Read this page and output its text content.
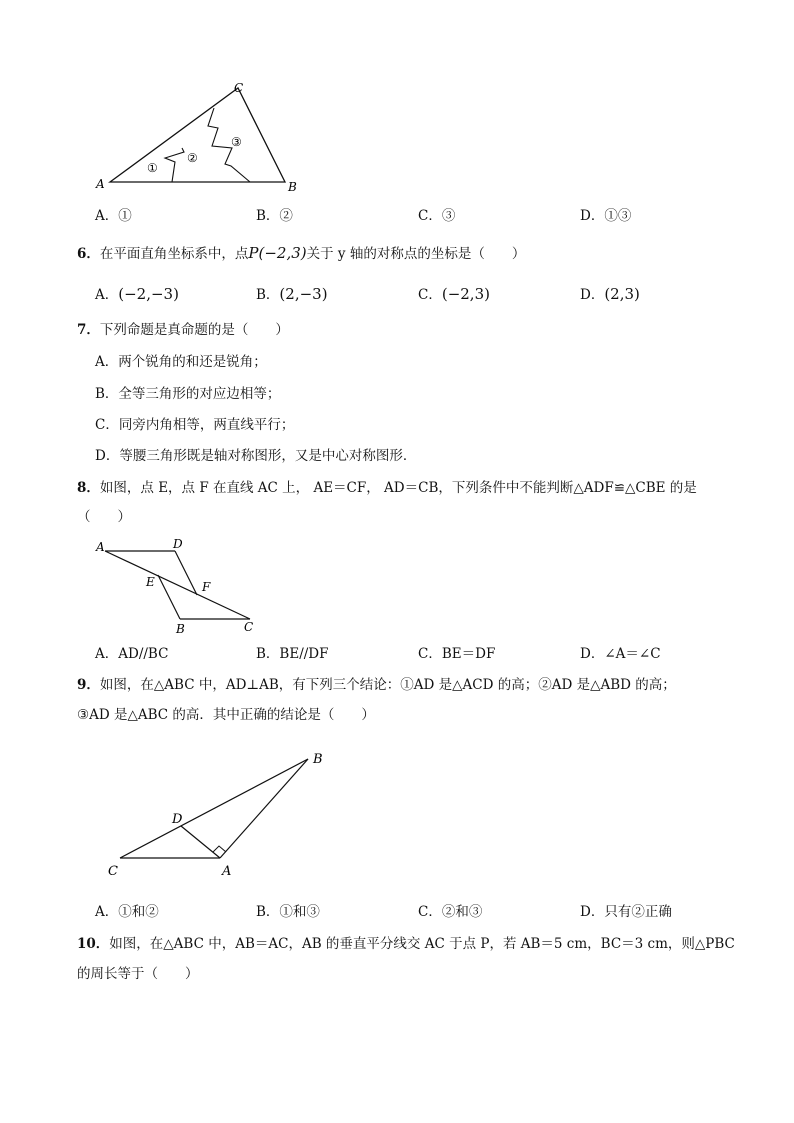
A	B
C
①
②
③
A．①	B．②	C．③	D．①③
6．在平面直角坐标系中，点P(−2,3)关于 y 轴的对称点的坐标是（　　）
A．(−2,−3)	B．(2,−3)	C．(−2,3)	D．(2,3)
7．下列命题是真命题的是（　　）
A．两个锐角的和还是锐角；
B．全等三角形的对应边相等；
C．同旁内角相等，两直线平行；
D．等腰三角形既是轴对称图形，又是中心对称图形．
8．如图，点 E，点 F 在直线 AC 上， AE＝CF， AD＝CB，下列条件中不能判断△ADF≌△CBE 的是
（　　）
A	D
E	F
B	C
A．AD//BC	B．BE//DF	C．BE＝DF	D．∠A＝∠C
9．如图，在△ABC 中，AD⊥AB，有下列三个结论：①AD 是△ACD 的高；②AD 是△ABD 的高；
③AD 是△ABC 的高．其中正确的结论是（　　）
B
D
C	A
A．①和②	B．①和③	C．②和③	D．只有②正确
10．如图，在△ABC 中，AB＝AC，AB 的垂直平分线交 AC 于点 P，若 AB＝5 cm，BC＝3 cm，则△PBC
的周长等于（　　）
